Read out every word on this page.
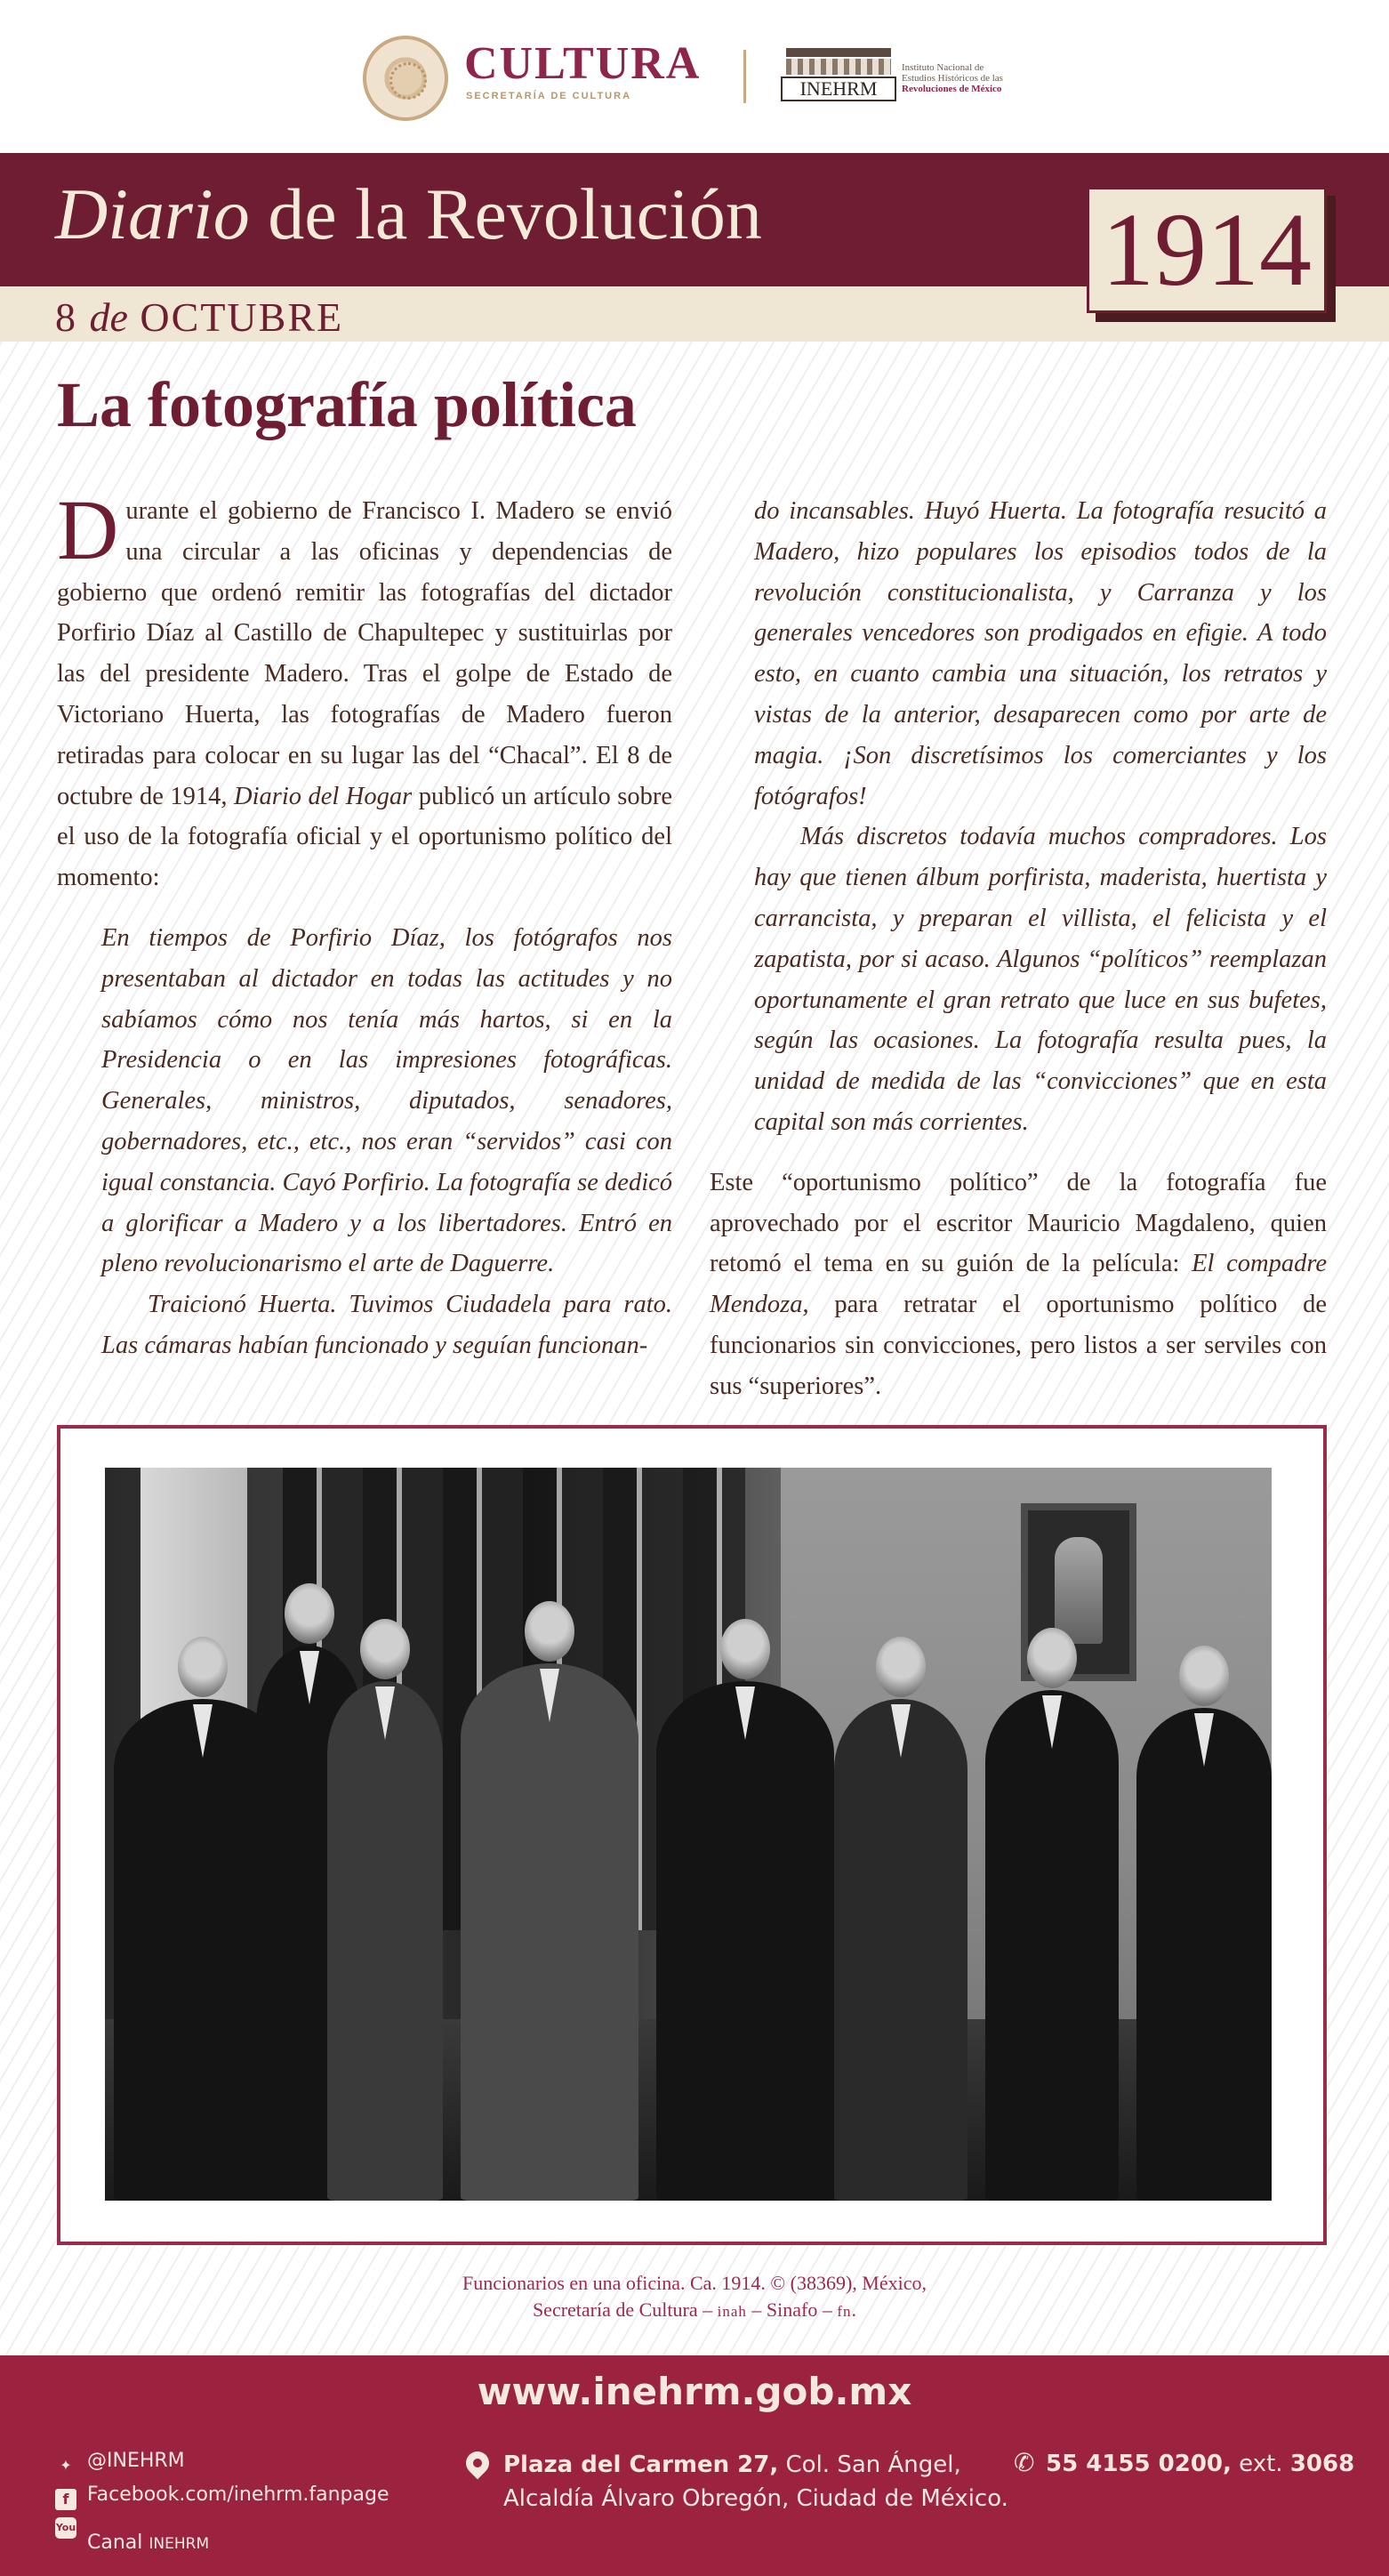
CULTURA
SECRETARÍA DE CULTURA	INEHRM
Instituto Nacional de
Estudios Históricos de las
Revoluciones de México
Diario de la Revolución
8 de OCTUBRE
1914
La fotografía política

Durante el gobierno de Francisco I. Madero se envió una circular a las oficinas y dependencias de gobierno que ordenó remitir las fotografías del dictador Porfirio Díaz al Castillo de Chapultepec y sustituirlas por las del presidente Madero. Tras el golpe de Estado de Victoriano Huerta, las fotografías de Madero fueron retiradas para colocar en su lugar las del “Chacal”. El 8 de octubre de 1914, Diario del Hogar publicó un artículo sobre el uso de la fotografía oficial y el oportunismo político del momento:

En tiempos de Porfirio Díaz, los fotógrafos nos presentaban al dictador en todas las actitudes y no sabíamos cómo nos tenía más hartos, si en la Presidencia o en las impresiones fotográficas. Generales, ministros, diputados, senadores, gobernadores, etc., etc., nos eran “servidos” casi con igual constancia. Cayó Porfirio. La fotografía se dedicó a glorificar a Madero y a los libertadores. Entró en pleno revolucionarismo el arte de Daguerre.

Traicionó Huerta. Tuvimos Ciudadela para rato. Las cámaras habían funcionado y seguían funcionan-

do incansables. Huyó Huerta. La fotografía resucitó a Madero, hizo populares los episodios todos de la revolución constitucionalista, y Carranza y los generales vencedores son prodigados en efigie. A todo esto, en cuanto cambia una situación, los retratos y vistas de la anterior, desaparecen como por arte de magia. ¡Son discretísimos los comerciantes y los fotógrafos!

Más discretos todavía muchos compradores. Los hay que tienen álbum porfirista, maderista, huertista y carrancista, y preparan el villista, el felicista y el zapatista, por si acaso. Algunos “políticos” reemplazan oportunamente el gran retrato que luce en sus bufetes, según las ocasiones. La fotografía resulta pues, la unidad de medida de las “convicciones” que en esta capital son más corrientes.

Este “oportunismo político” de la fotografía fue aprovechado por el escritor Mauricio Magdaleno, quien retomó el tema en su guión de la película: El compadre Mendoza, para retratar el oportunismo político de funcionarios sin convicciones, pero listos a ser serviles con sus “superiores”.

Funcionarios en una oficina. Ca. 1914. © (38369), México,
Secretaría de Cultura – inah – Sinafo – fn.
www.inehrm.gob.mx
✦ @INEHRM
f Facebook.com/inehrm.fanpage
You Tube Canal INEHRM
Plaza del Carmen 27, Col. San Ángel,
Alcaldía Álvaro Obregón, Ciudad de México.
✆ 55 4155 0200, ext. 3068
